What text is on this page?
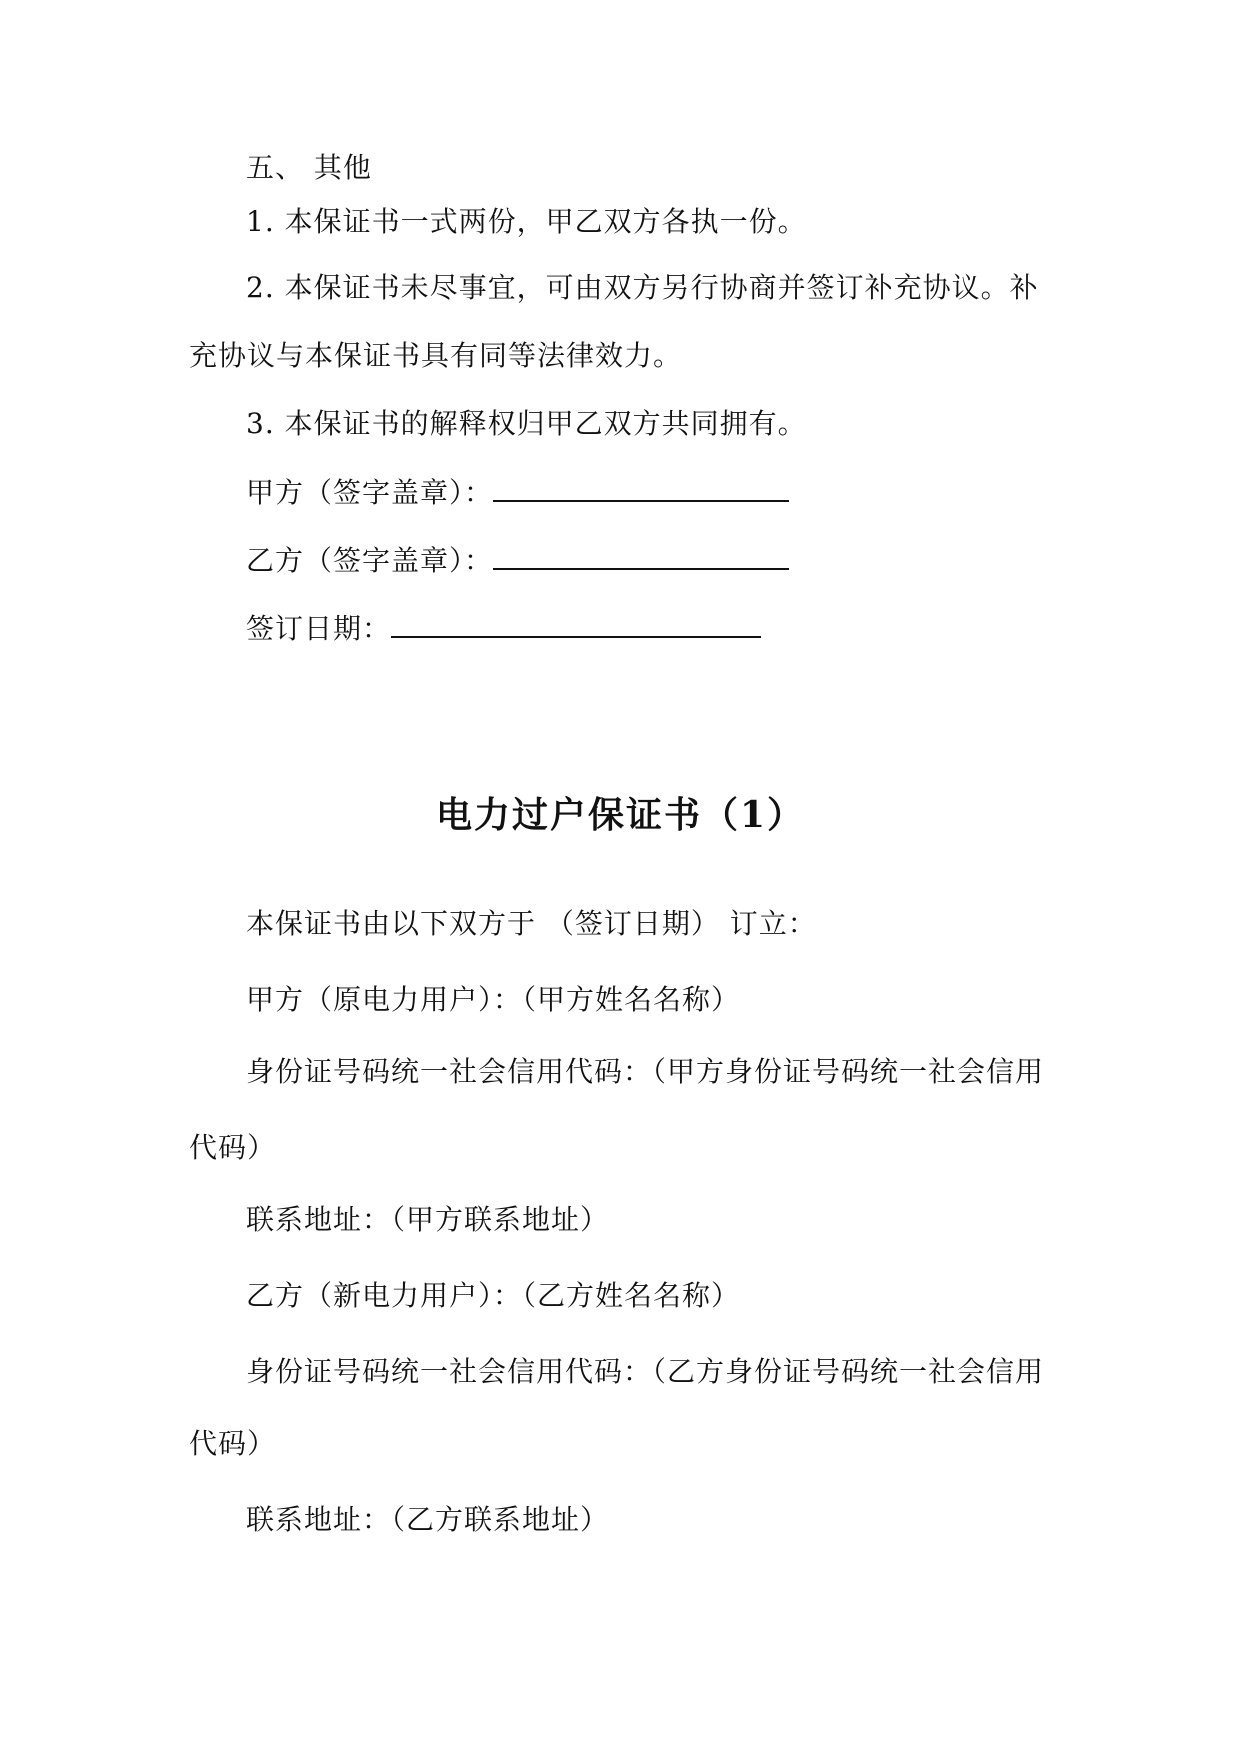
五、 其他
1. 本保证书一式两份，甲乙双方各执一份。
2. 本保证书未尽事宜，可由双方另行协商并签订补充协议。补
充协议与本保证书具有同等法律效力。
3. 本保证书的解释权归甲乙双方共同拥有。
甲方（签字盖章）：
乙方（签字盖章）：
签订日期：
电力过户保证书（1）
本保证书由以下双方于 （签订日期） 订立：
甲方（原电力用户）：（甲方姓名名称）
身份证号码统一社会信用代码：（甲方身份证号码统一社会信用
代码）
联系地址：（甲方联系地址）
乙方（新电力用户）：（乙方姓名名称）
身份证号码统一社会信用代码：（乙方身份证号码统一社会信用
代码）
联系地址：（乙方联系地址）
